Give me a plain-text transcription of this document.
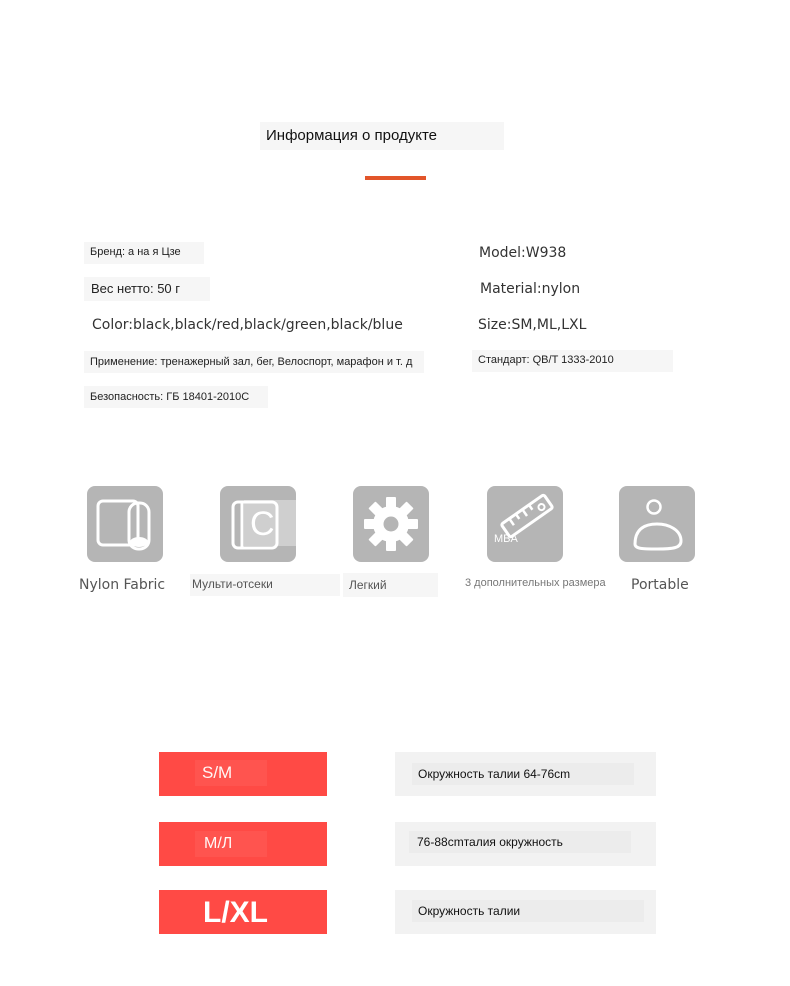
Информация о продукте
Бренд: а на я Цзе
Вес нетто: 50 г
Color:black,black/red,black/green,black/blue
Применение: тренажерный зал, бег, Велоспорт, марафон и т. д
Безопасность: ГБ 18401-2010C
Model:W938
Material:nylon
Size:SM,ML,LXL
Стандарт: QB/T 1333-2010
C	MBA
Nylon Fabric Мульти-отсеки	Легкий	3 дополнительных размера Portable
S/M	Окружность талии 64-76cm
M/Л	76-88cmталия окружность
L/XL	Окружность талии
